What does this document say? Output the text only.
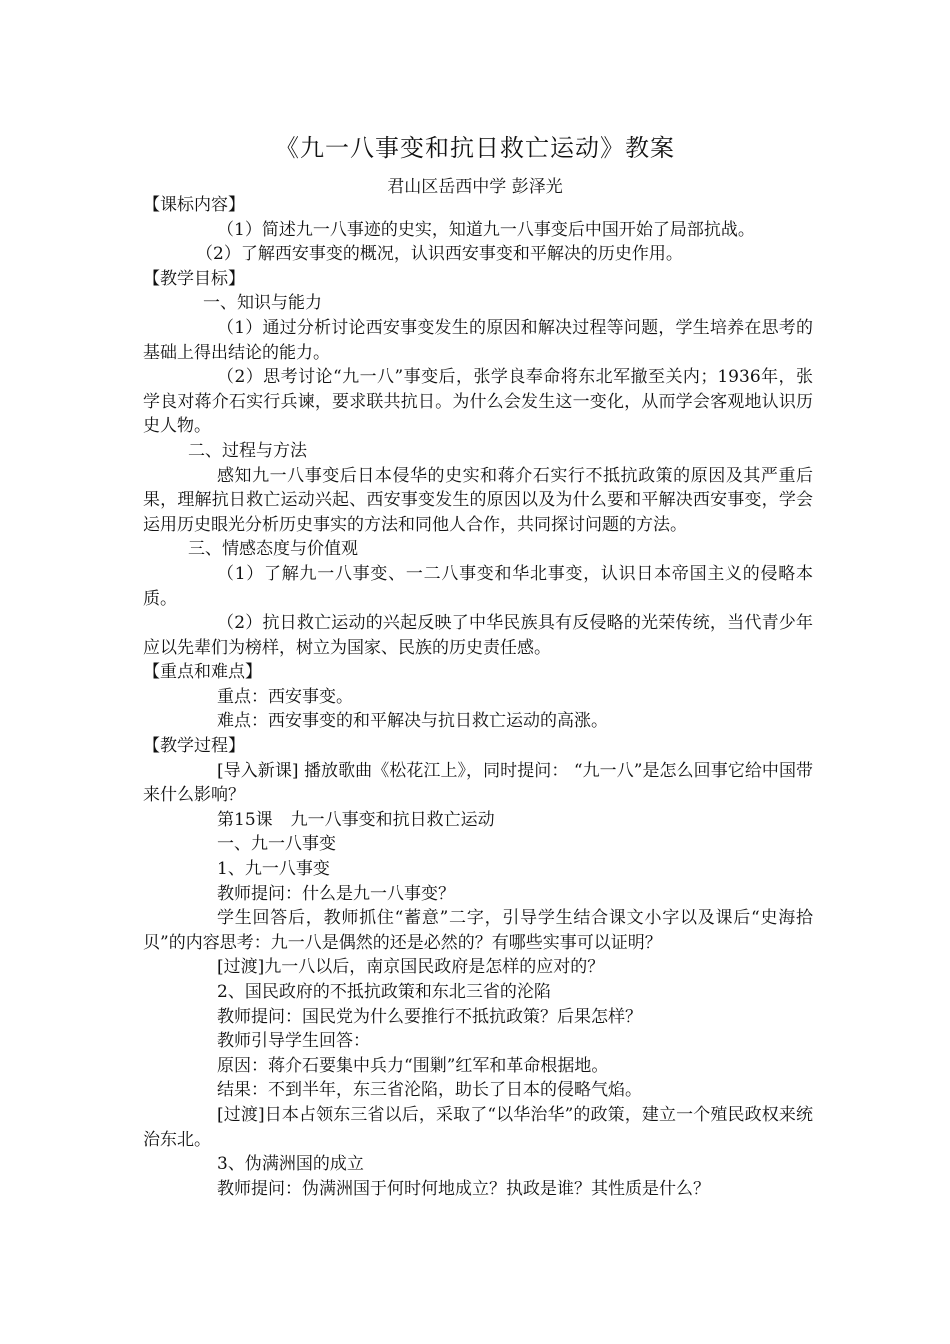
《九一八事变和抗日救亡运动》教案
君山区岳西中学 彭泽光

【课标内容】

（1）简述九一八事迹的史实，知道九一八事变后中国开始了局部抗战。

（2）了解西安事变的概况，认识西安事变和平解决的历史作用。

【教学目标】

一、知识与能力

（1）通过分析讨论西安事变发生的原因和解决过程等问题，学生培养在思考的基础上得出结论的能力。

（2）思考讨论“九一八”事变后，张学良奉命将东北军撤至关内；1936年，张学良对蒋介石实行兵谏，要求联共抗日。为什么会发生这一变化，从而学会客观地认识历史人物。

二、过程与方法

感知九一八事变后日本侵华的史实和蒋介石实行不抵抗政策的原因及其严重后果，理解抗日救亡运动兴起、西安事变发生的原因以及为什么要和平解决西安事变，学会运用历史眼光分析历史事实的方法和同他人合作，共同探讨问题的方法。

三、情感态度与价值观

（1）了解九一八事变、一二八事变和华北事变，认识日本帝国主义的侵略本质。

（2）抗日救亡运动的兴起反映了中华民族具有反侵略的光荣传统，当代青少年应以先辈们为榜样，树立为国家、民族的历史责任感。

【重点和难点】

重点：西安事变。

难点：西安事变的和平解决与抗日救亡运动的高涨。

【教学过程】

[导入新课] 播放歌曲《松花江上》，同时提问： “九一八”是怎么回事它给中国带来什么影响？

第15课 九一八事变和抗日救亡运动

一、九一八事变

1、九一八事变

教师提问：什么是九一八事变？

学生回答后，教师抓住“蓄意”二字，引导学生结合课文小字以及课后“史海拾贝”的内容思考：九一八是偶然的还是必然的？有哪些实事可以证明？

[过渡]九一八以后，南京国民政府是怎样的应对的？

2、国民政府的不抵抗政策和东北三省的沦陷

教师提问：国民党为什么要推行不抵抗政策？后果怎样？

教师引导学生回答：

原因：蒋介石要集中兵力“围剿”红军和革命根据地。

结果：不到半年，东三省沦陷，助长了日本的侵略气焰。

[过渡]日本占领东三省以后，采取了“以华治华”的政策，建立一个殖民政权来统治东北。

3、伪满洲国的成立

教师提问：伪满洲国于何时何地成立？执政是谁？其性质是什么？
